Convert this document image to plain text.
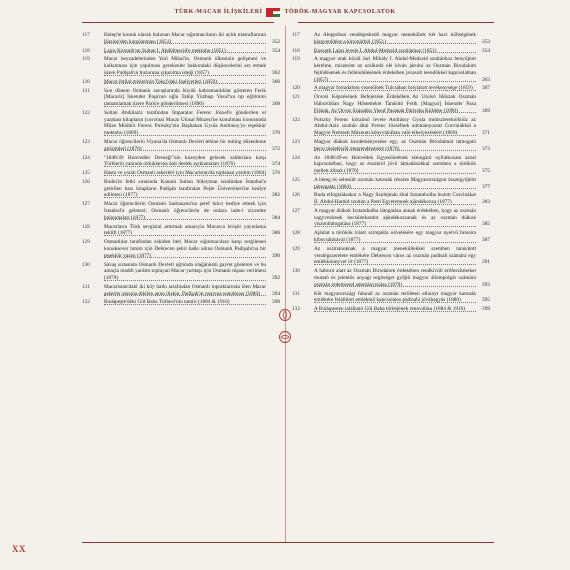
TÜRK-MACAR İLİŞKİLERİ	TÖRÖK-MAGYAR KAPCSOLATOK
117	Halep'te konuk olarak bulunan Macar sığınmacıların iki aylık masraflarının Hazine'den karşılanması (1851)	352
118	Lajos Kossuth'un Sultan I. Abdülmecid'e mektubu (1851)	354
119	Macar beyzadelerinden Yuri Mihal'in, Osmanlı ülkesinin gelişmesi ve kalkınması için yapılması gerekenler hakkındaki düşüncelerini arz etmek üzere Padişah'ın huzuruna çıkarılma isteği (1857)	362
120	Macar ihtilal reislerinin Tokçi'daki faaliyetleri (1859)	366
121	Son dönem Osmanlı savaşlarında büyük kahramanlıklar gösteren Ferik [Macarlı] İskender Paşa'nın oğlu Tahip Yüzbaşı Yusuf'un tıp eğitimini tamamlamak üzere Paris'e gönderilmesi (1890)	368
122	Sultan Abdülaziz tarafından İmparator Ferenc József'e gönderilen el yazması kitapların (corvina) Macar Ulusal Müzesi'ne konulması konusunda Müze Müdürü Ferenc Pulszky'nin Başbakan Gyula Andrássy'ye teşekkür mektubu (1869)	370
123	Macar öğrencilerin Viyana'da Osmanlı Devleti lehine bir miting düzenleme girişimleri (1876)	372
124	"1848/49 Honvedler Derneği"nin kuzeyden gelecek saldırılara karşı Türklerin yanında olduklarına dair destek açıklamaları (1876)	374
125	Hasta ve yaralı Osmanlı askerleri için Macaristan'da toplanan yardım (1884)	376
126	Budin'in fethi sırasında Kanuni Sultan Süleyman tarafından İstanbul'a getirilen bazı kitapların Padişah tarafından Peşte Üniversitesi'ne hediye edilmesi (1877)	382
127	Macar öğrencilerin Osmanlı Sadrazamı'na şeref kılıcı hediye etmek için İstanbul'a gelmesi; Osmanlı öğrencilerin de onlara iade-i ziyarette bulunmaları (1877)	384
128	Macarların Türk sevgisini artırmak amacıyla Macarca broşür yayınlama teklifi (1877)	386
129	Osmanlılar tarafından eskiden beri Macar sığınmacılara karşı sergilenen konuksever tutum için Debrecen şehri halkı adına Osmanlı Padişahı'na bir teşekkür yazısı (1877)	390
130	Savaş sırasında Osmanlı Devleti uğrunda olağanüstü gayret gösteren ve bu amaçla maddi yardım toplayan Macar yurttaşı için Osmanlı nişanı verilmesi (1879)	392
131	Macaristan'daki iki köy halkı tarafından Osmanlı topraklarında ölen Macar askerler anısına dikilen anıta ilişkin, Padişah'ın onayına sunulması (1880)	394
132	Budapeşte'deki Gül Baba Türbesi'nin tamiri (1884 & 1916)	398
117	Az Aleppóban vendégeskedő magyar menekültek két havi költségének kiegyenlítése a kincstárból (1851)	353
118	Kossuth Lajos levele I. Abdul-Medzsid szultánhoz (1851)	354
119	A magyar urak közül Juri Mihály I. Abdul-Medzsid szultánhoz benyújtott kérelme, miszerint az uralkodó elé kíván járulni az Oszmán Birodalom fejlődésének és fellendülésének érdekében javasolt teendőkkel kapcsolatban (1857)	363
120	A magyar forradalom vezetőinek Tulcsában folytatott tevékenysége (1859)	367
121	Orvosi Képzésének Befejezése Érdekében Az Utolsó Időszak Oszmán Háborúiban Nagy Hőstetteket Tanúsító Ferik [Magyar] İskender Pasa Fiának, Az Orvos Százados Yusuf Pasának Párizsba Küldése (1890)	369
122	Pulszky Ferenc köszönő levele Andrássy Gyula miniszterelnökhöz az Abdul-Aziz szultán által Ferenc Józsefnek adományozott Corvinákkal a Magyar Nemzeti Múzeum könyvtárában való elhelyezéséért (1869)	371
123	Magyar diákok kezdeményezése egy, az Oszmán Birodalmat támogató bécsi tüntetésről megrendezésére (1876)	373
124	Az 1848/49-es Honvédek Egyesületének támogató nyilatkozata azzal kapcsolatban, hogy az északról jövő támadásokkal szemben a törökök mellett állnak (1876)	375
125	A beteg és sebesült oszmán katonák részére Magyarországon összegyűjtött támogatás (1884)	377
126	Buda elfoglalásakor a Nagy Szulejmán által Isztambulba hozott Corvinákat II. Abdul-Hamid szultán a Pesti Egyetemnek ajándékozza (1877)	383
127	A magyar diákok Isztambulba látogatása annak érdekében, hogy az oszmán nagyvezírnek becsületkardot ajándékozzanak és az oszmán diákok viszontlátogatása (1877)	385
128	Ajánlat a törökök iránti szimpátia növelésére egy magyar nyelvű brosúra kibocsátásával (1877)	387
129	Az oszmánoknak a magyar menekültekkel szemben tanúsított vendégszeretete emlékére Debrecen város az oszmán padisah számára egy emlékkönnyvet írt (1877)	391
130	A háború alatt az Oszmán Birodalom érdekében rendkívüli erőfeszítéseket mutató és jelentős anyagi segítséget gyűjtő magyar állampolgár számára oszmán érdemrend adományozása (1879)	393
131	Két magyarországi falunál az oszmán területen elhunyt magyar katonák emlékére felállított emlékmű kapcsolatos padisahi jóváhagyás (1880)	395
132	A Budapesten található Gül Baba türbéjének renoválása (1884 & 1916)	399
XX
